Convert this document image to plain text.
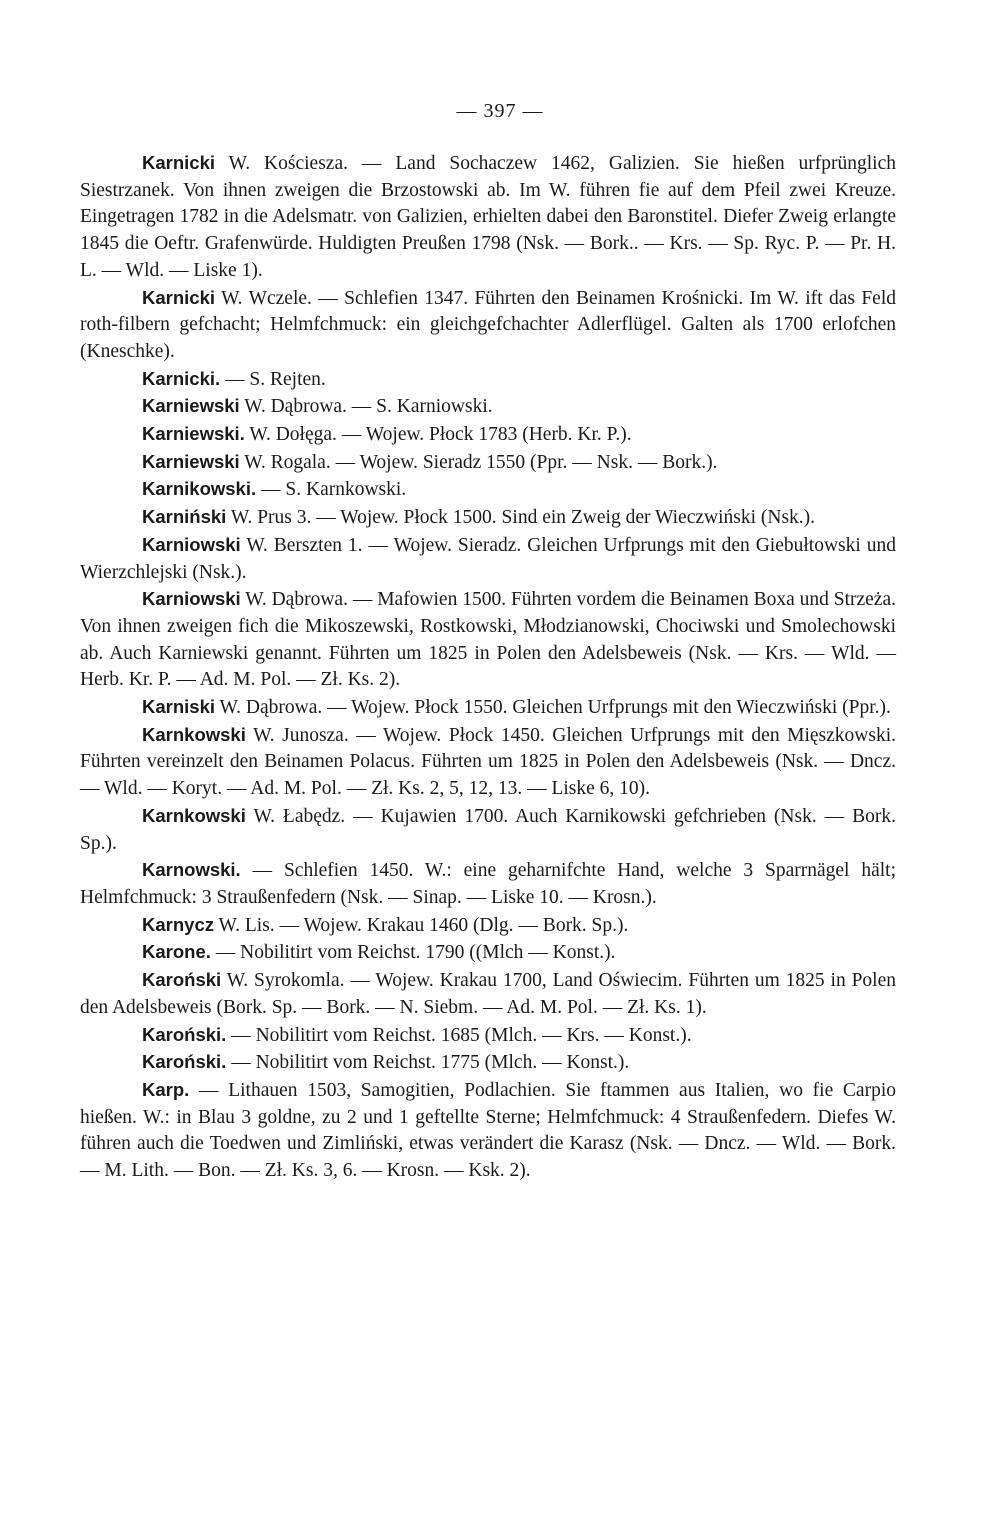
— 397 —

Karnicki W. Kościesza. — Land Sochaczew 1462, Galizien. Sie hießen urfprünglich Siestrzanek. Von ihnen zweigen die Brzostowski ab. Im W. führen fie auf dem Pfeil zwei Kreuze. Eingetragen 1782 in die Adelsmatr. von Galizien, erhielten dabei den Baronstitel. Diefer Zweig erlangte 1845 die Oeftr. Grafenwürde. Huldigten Preußen 1798 (Nsk. — Bork.. — Krs. — Sp. Ryc. P. — Pr. H. L. — Wld. — Liske 1).

Karnicki W. Wczele. — Schlefien 1347. Führten den Beinamen Krośnicki. Im W. ift das Feld roth-filbern gefchacht; Helmfchmuck: ein gleichgefchachter Adlerflügel. Galten als 1700 erlofchen (Kneschke).

Karnicki. — S. Rejten.

Karniewski W. Dąbrowa. — S. Karniowski.

Karniewski. W. Dołęga. — Wojew. Płock 1783 (Herb. Kr. P.).

Karniewski W. Rogala. — Wojew. Sieradz 1550 (Ppr. — Nsk. — Bork.).

Karnikowski. — S. Karnkowski.

Karniński W. Prus 3. — Wojew. Płock 1500. Sind ein Zweig der Wieczwiński (Nsk.).

Karniowski W. Berszten 1. — Wojew. Sieradz. Gleichen Urfprungs mit den Giebułtowski und Wierzchlejski (Nsk.).

Karniowski W. Dąbrowa. — Mafowien 1500. Führten vordem die Beinamen Boxa und Strzeża. Von ihnen zweigen fich die Mikoszewski, Rostkowski, Młodzianowski, Chociwski und Smolechowski ab. Auch Karniewski genannt. Führten um 1825 in Polen den Adelsbeweis (Nsk. — Krs. — Wld. — Herb. Kr. P. — Ad. M. Pol. — Zł. Ks. 2).

Karniski W. Dąbrowa. — Wojew. Płock 1550. Gleichen Urfprungs mit den Wieczwiński (Ppr.).

Karnkowski W. Junosza. — Wojew. Płock 1450. Gleichen Urfprungs mit den Mięszkowski. Führten vereinzelt den Beinamen Polacus. Führten um 1825 in Polen den Adelsbeweis (Nsk. — Dncz. — Wld. — Koryt. — Ad. M. Pol. — Zł. Ks. 2, 5, 12, 13. — Liske 6, 10).

Karnkowski W. Łabędz. — Kujawien 1700. Auch Karnikowski gefchrieben (Nsk. — Bork. Sp.).

Karnowski. — Schlefien 1450. W.: eine geharnifchte Hand, welche 3 Sparrnägel hält; Helmfchmuck: 3 Straußenfedern (Nsk. — Sinap. — Liske 10. — Krosn.).

Karnycz W. Lis. — Wojew. Krakau 1460 (Dlg. — Bork. Sp.).

Karone. — Nobilitirt vom Reichst. 1790 ((Mlch — Konst.).

Karoński W. Syrokomla. — Wojew. Krakau 1700, Land Oświecim. Führten um 1825 in Polen den Adelsbeweis (Bork. Sp. — Bork. — N. Siebm. — Ad. M. Pol. — Zł. Ks. 1).

Karoński. — Nobilitirt vom Reichst. 1685 (Mlch. — Krs. — Konst.).

Karoński. — Nobilitirt vom Reichst. 1775 (Mlch. — Konst.).

Karp. — Lithauen 1503, Samogitien, Podlachien. Sie ftammen aus Italien, wo fie Carpio hießen. W.: in Blau 3 goldne, zu 2 und 1 geftellte Sterne; Helmfchmuck: 4 Straußenfedern. Diefes W. führen auch die Toedwen und Zimliński, etwas verändert die Karasz (Nsk. — Dncz. — Wld. — Bork. — M. Lith. — Bon. — Zł. Ks. 3, 6. — Krosn. — Ksk. 2).
